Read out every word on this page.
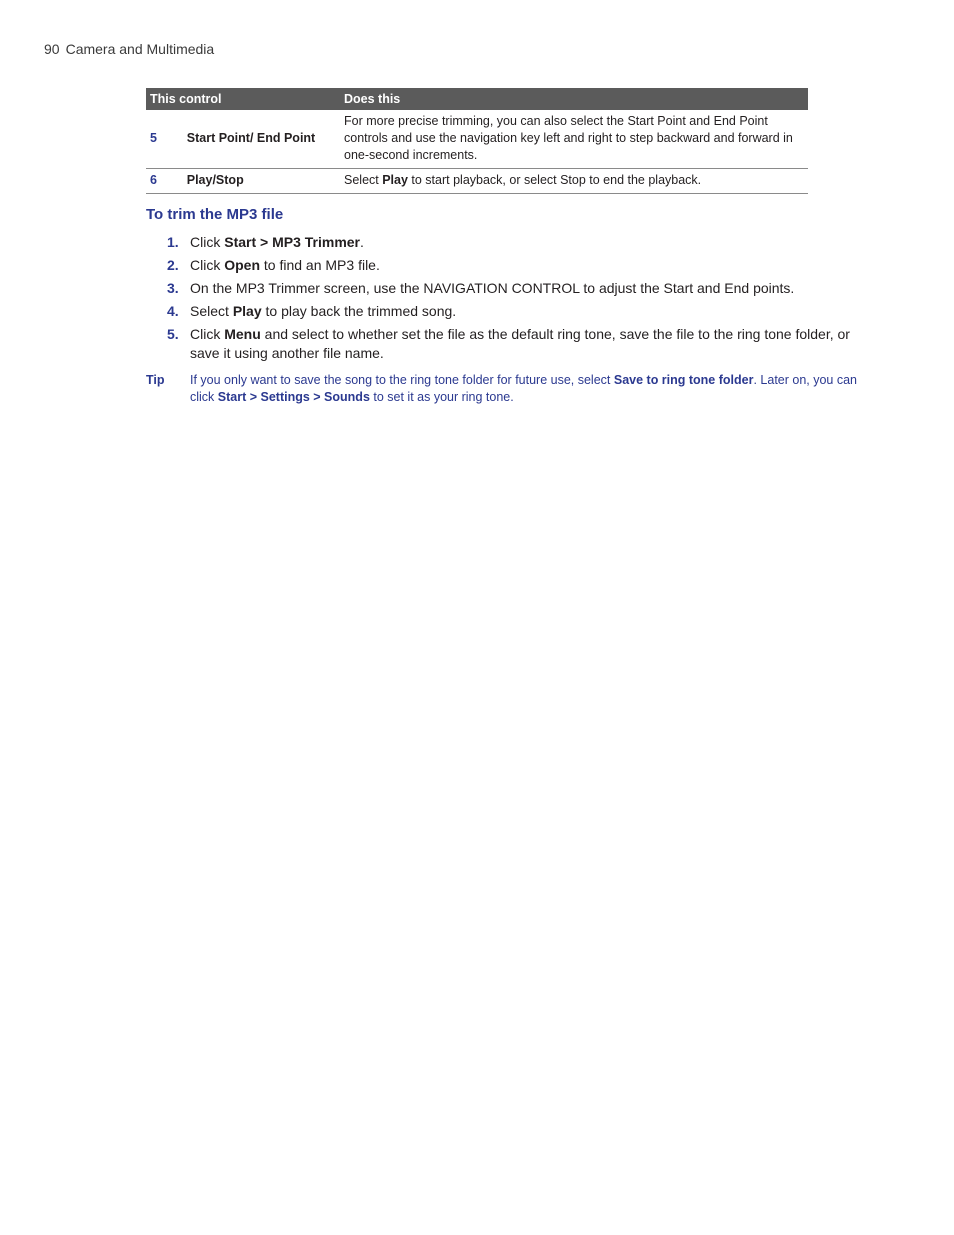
90 Camera and Multimedia
This control		Does this
5	Start Point/ End Point	For more precise trimming, you can also select the Start Point and End Point controls and use the navigation key left and right to step backward and forward in one-second increments.
6	Play/Stop	Select Play to start playback, or select Stop to end the playback.
To trim the MP3 file
1. Click Start > MP3 Trimmer.
2. Click Open to find an MP3 file.
3. On the MP3 Trimmer screen, use the NAVIGATION CONTROL to adjust the Start and End points.
4. Select Play to play back the trimmed song.
5. Click Menu and select to whether set the file as the default ring tone, save the file to the ring tone folder, or save it using another file name.
Tip If you only want to save the song to the ring tone folder for future use, select Save to ring tone folder. Later on, you can click Start > Settings > Sounds to set it as your ring tone.
